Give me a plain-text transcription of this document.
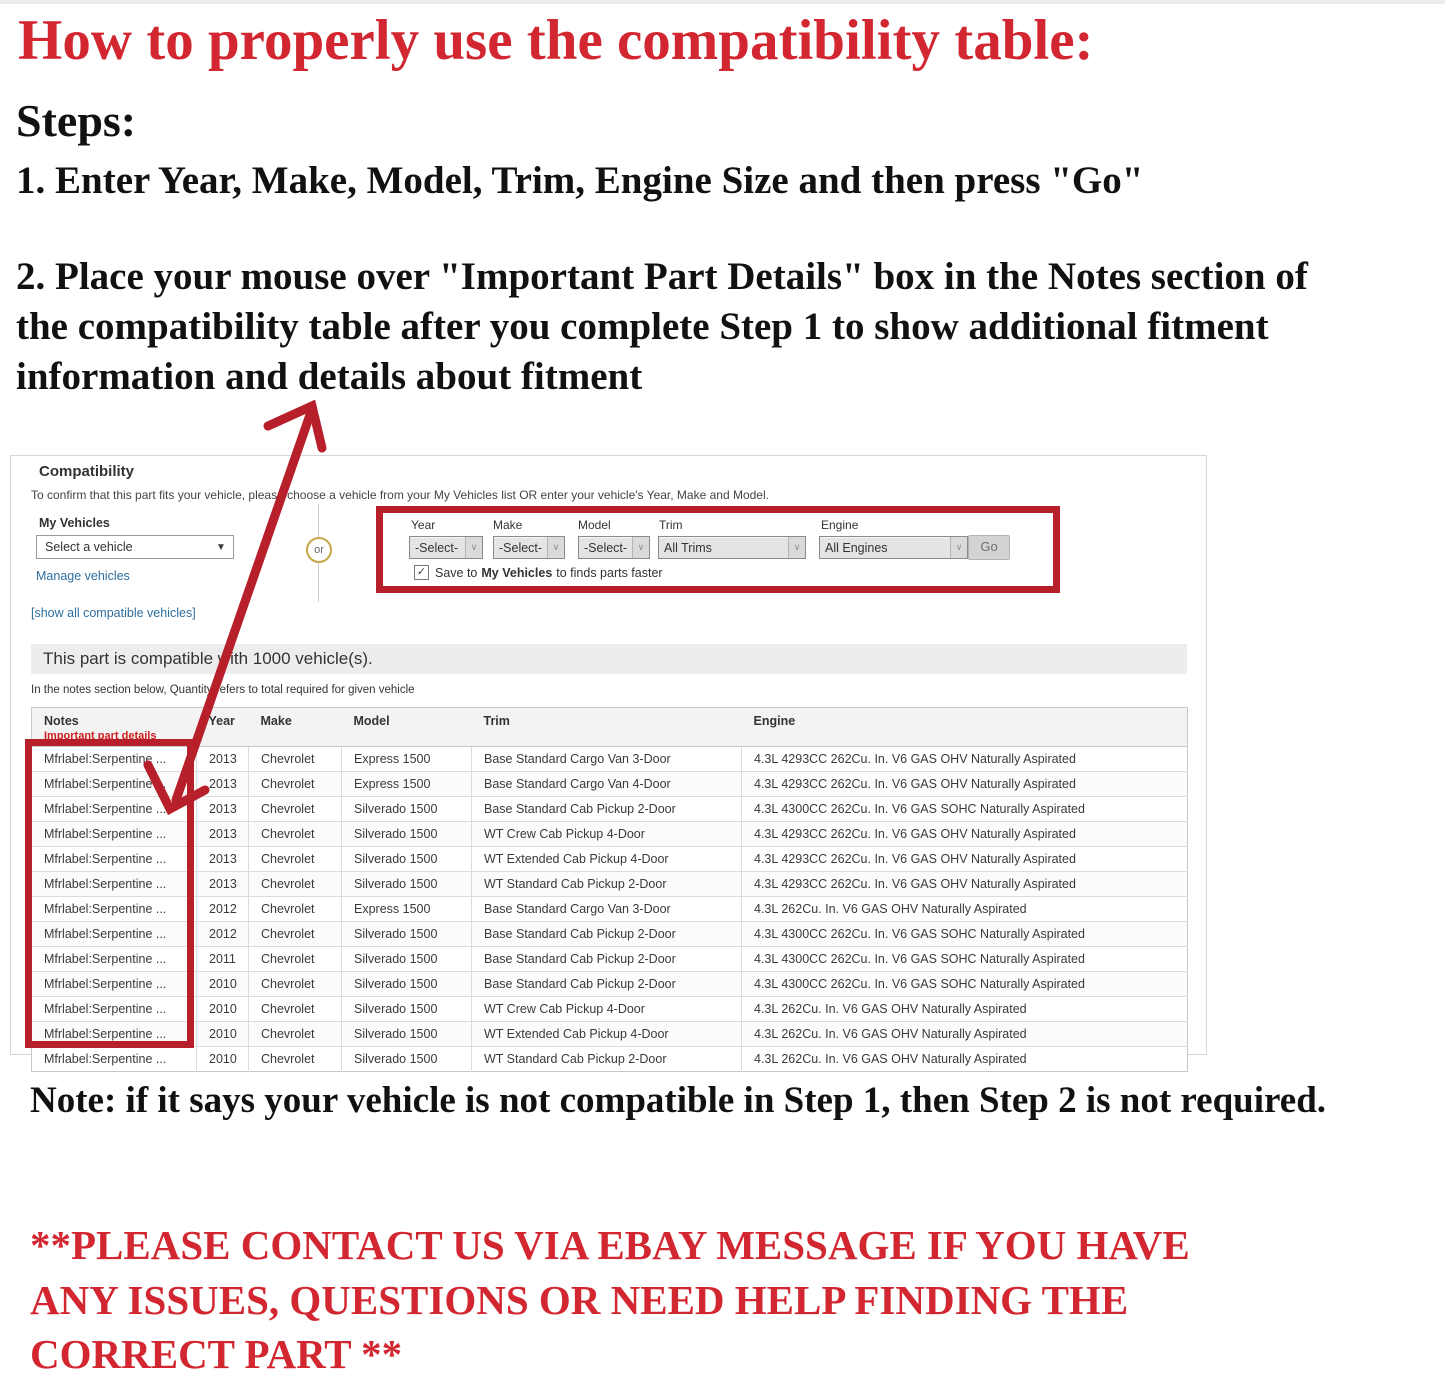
How to properly use the compatibility table:
Steps:
1. Enter Year, Make, Model, Trim, Engine Size and then press "Go"
2. Place your mouse over "Important Part Details" box in the Notes section of the compatibility table after you complete Step 1 to show additional fitment information and details about fitment
Note: if it says your vehicle is not compatible in Step 1, then Step 2 is not required.
**PLEASE CONTACT US VIA EBAY MESSAGE IF YOU HAVE ANY ISSUES, QUESTIONS OR NEED HELP FINDING THE CORRECT PART **
Compatibility
To confirm that this part fits your vehicle, please choose a vehicle from your My Vehicles list OR enter your vehicle's Year, Make and Model.
My Vehicles
Select a vehicle	▼
Manage vehicles
or
Year	Make	Model	Trim	Engine
-Select-	∨	-Select-	∨	-Select-	∨	All Trims	∨	All Engines	∨	Go
✓ Save to My Vehicles to finds parts faster
[show all compatible vehicles]
This part is compatible with 1000 vehicle(s).
In the notes section below, Quantity refers to total required for given vehicle
Notes
Important part details	Year	Make	Model	Trim	Engine
Mfrlabel:Serpentine ...	2013	Chevrolet	Express 1500	Base Standard Cargo Van 3-Door	4.3L 4293CC 262Cu. In. V6 GAS OHV Naturally Aspirated
Mfrlabel:Serpentine ...	2013	Chevrolet	Express 1500	Base Standard Cargo Van 4-Door	4.3L 4293CC 262Cu. In. V6 GAS OHV Naturally Aspirated
Mfrlabel:Serpentine ...	2013	Chevrolet	Silverado 1500	Base Standard Cab Pickup 2-Door	4.3L 4300CC 262Cu. In. V6 GAS SOHC Naturally Aspirated
Mfrlabel:Serpentine ...	2013	Chevrolet	Silverado 1500	WT Crew Cab Pickup 4-Door	4.3L 4293CC 262Cu. In. V6 GAS OHV Naturally Aspirated
Mfrlabel:Serpentine ...	2013	Chevrolet	Silverado 1500	WT Extended Cab Pickup 4-Door	4.3L 4293CC 262Cu. In. V6 GAS OHV Naturally Aspirated
Mfrlabel:Serpentine ...	2013	Chevrolet	Silverado 1500	WT Standard Cab Pickup 2-Door	4.3L 4293CC 262Cu. In. V6 GAS OHV Naturally Aspirated
Mfrlabel:Serpentine ...	2012	Chevrolet	Express 1500	Base Standard Cargo Van 3-Door	4.3L 262Cu. In. V6 GAS OHV Naturally Aspirated
Mfrlabel:Serpentine ...	2012	Chevrolet	Silverado 1500	Base Standard Cab Pickup 2-Door	4.3L 4300CC 262Cu. In. V6 GAS SOHC Naturally Aspirated
Mfrlabel:Serpentine ...	2011	Chevrolet	Silverado 1500	Base Standard Cab Pickup 2-Door	4.3L 4300CC 262Cu. In. V6 GAS SOHC Naturally Aspirated
Mfrlabel:Serpentine ...	2010	Chevrolet	Silverado 1500	Base Standard Cab Pickup 2-Door	4.3L 4300CC 262Cu. In. V6 GAS SOHC Naturally Aspirated
Mfrlabel:Serpentine ...	2010	Chevrolet	Silverado 1500	WT Crew Cab Pickup 4-Door	4.3L 262Cu. In. V6 GAS OHV Naturally Aspirated
Mfrlabel:Serpentine ...	2010	Chevrolet	Silverado 1500	WT Extended Cab Pickup 4-Door	4.3L 262Cu. In. V6 GAS OHV Naturally Aspirated
Mfrlabel:Serpentine ...	2010	Chevrolet	Silverado 1500	WT Standard Cab Pickup 2-Door	4.3L 262Cu. In. V6 GAS OHV Naturally Aspirated
